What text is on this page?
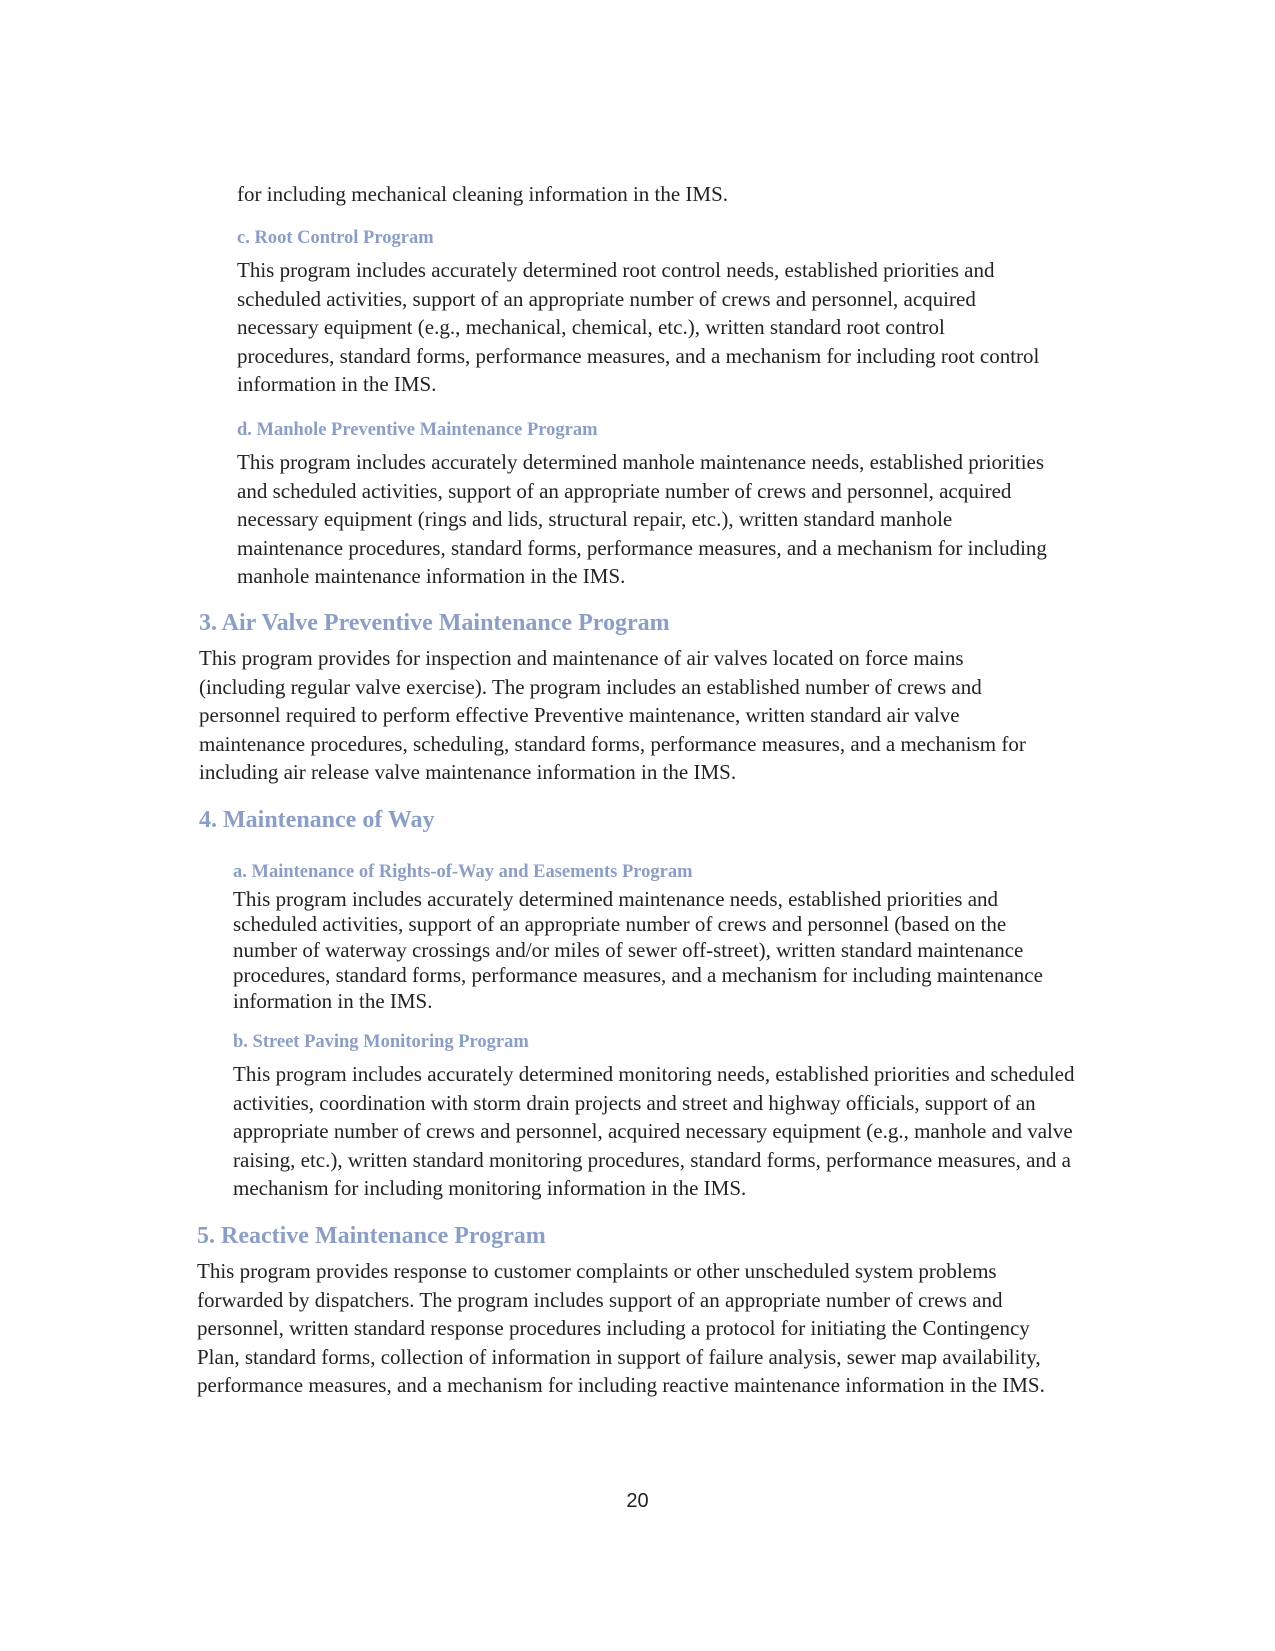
for including mechanical cleaning information in the IMS.

c. Root Control Program

This program includes accurately determined root control needs, established priorities and scheduled activities, support of an appropriate number of crews and personnel, acquired necessary equipment (e.g., mechanical, chemical, etc.), written standard root control procedures, standard forms, performance measures, and a mechanism for including root control information in the IMS.

d. Manhole Preventive Maintenance Program

This program includes accurately determined manhole maintenance needs, established priorities and scheduled activities, support of an appropriate number of crews and personnel, acquired necessary equipment (rings and lids, structural repair, etc.), written standard manhole maintenance procedures, standard forms, performance measures, and a mechanism for including manhole maintenance information in the IMS.

3. Air Valve Preventive Maintenance Program

This program provides for inspection and maintenance of air valves located on force mains (including regular valve exercise). The program includes an established number of crews and personnel required to perform effective Preventive maintenance, written standard air valve maintenance procedures, scheduling, standard forms, performance measures, and a mechanism for including air release valve maintenance information in the IMS.

4. Maintenance of Way
a. Maintenance of Rights-of-Way and Easements Program

This program includes accurately determined maintenance needs, established priorities and scheduled activities, support of an appropriate number of crews and personnel (based on the number of waterway crossings and/or miles of sewer off-street), written standard maintenance procedures, standard forms, performance measures, and a mechanism for including maintenance information in the IMS.

b. Street Paving Monitoring Program

This program includes accurately determined monitoring needs, established priorities and scheduled activities, coordination with storm drain projects and street and highway officials, support of an appropriate number of crews and personnel, acquired necessary equipment (e.g., manhole and valve raising, etc.), written standard monitoring procedures, standard forms, performance measures, and a mechanism for including monitoring information in the IMS.

5. Reactive Maintenance Program

This program provides response to customer complaints or other unscheduled system problems forwarded by dispatchers. The program includes support of an appropriate number of crews and personnel, written standard response procedures including a protocol for initiating the Contingency Plan, standard forms, collection of information in support of failure analysis, sewer map availability, performance measures, and a mechanism for including reactive maintenance information in the IMS.

20
